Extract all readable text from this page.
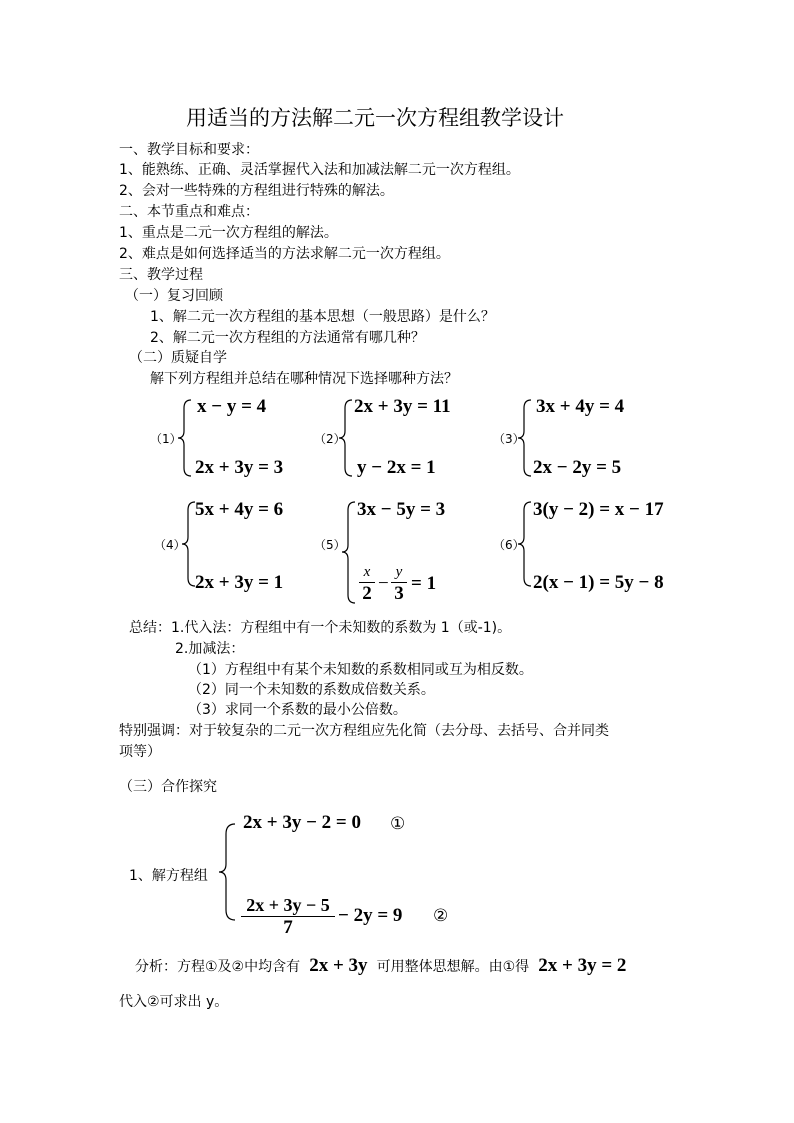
用适当的方法解二元一次方程组教学设计
一、教学目标和要求：
1、能熟练、正确、灵活掌握代入法和加减法解二元一次方程组。
2、会对一些特殊的方程组进行特殊的解法。
二、本节重点和难点：
1、重点是二元一次方程组的解法。
2、难点是如何选择适当的方法求解二元一次方程组。
三、教学过程
（一）复习回顾
1、解二元一次方程组的基本思想（一般思路）是什么？
2、解二元一次方程组的方法通常有哪几种？
（二）质疑自学
解下列方程组并总结在哪种情况下选择哪种方法？
（1）
x − y = 4
2x + 3y = 3
（2）
2x + 3y = 11
y − 2x = 1
（3）
3x + 4y = 4
2x − 2y = 5
（4）
5x + 4y = 6
2x + 3y = 1
（5）
3x − 5y = 3
x
2 −
y
3 = 1
（6）
3(y − 2) = x − 17
2(x − 1) = 5y − 8
总结：1.代入法：方程组中有一个未知数的系数为 1（或-1)。
2.加减法：
（1）方程组中有某个未知数的系数相同或互为相反数。
（2）同一个未知数的系数成倍数关系。
（3）求同一个系数的最小公倍数。
特别强调：对于较复杂的二元一次方程组应先化简（去分母、去括号、合并同类
项等）
（三）合作探究
1、解方程组
2x + 3y − 2 = 0 ①
2x + 3y − 5
7
− 2y = 9 ②
分析：方程①及②中均含有 2x + 3y 可用整体思想解。由①得 2x + 3y = 2
代入②可求出 y。
